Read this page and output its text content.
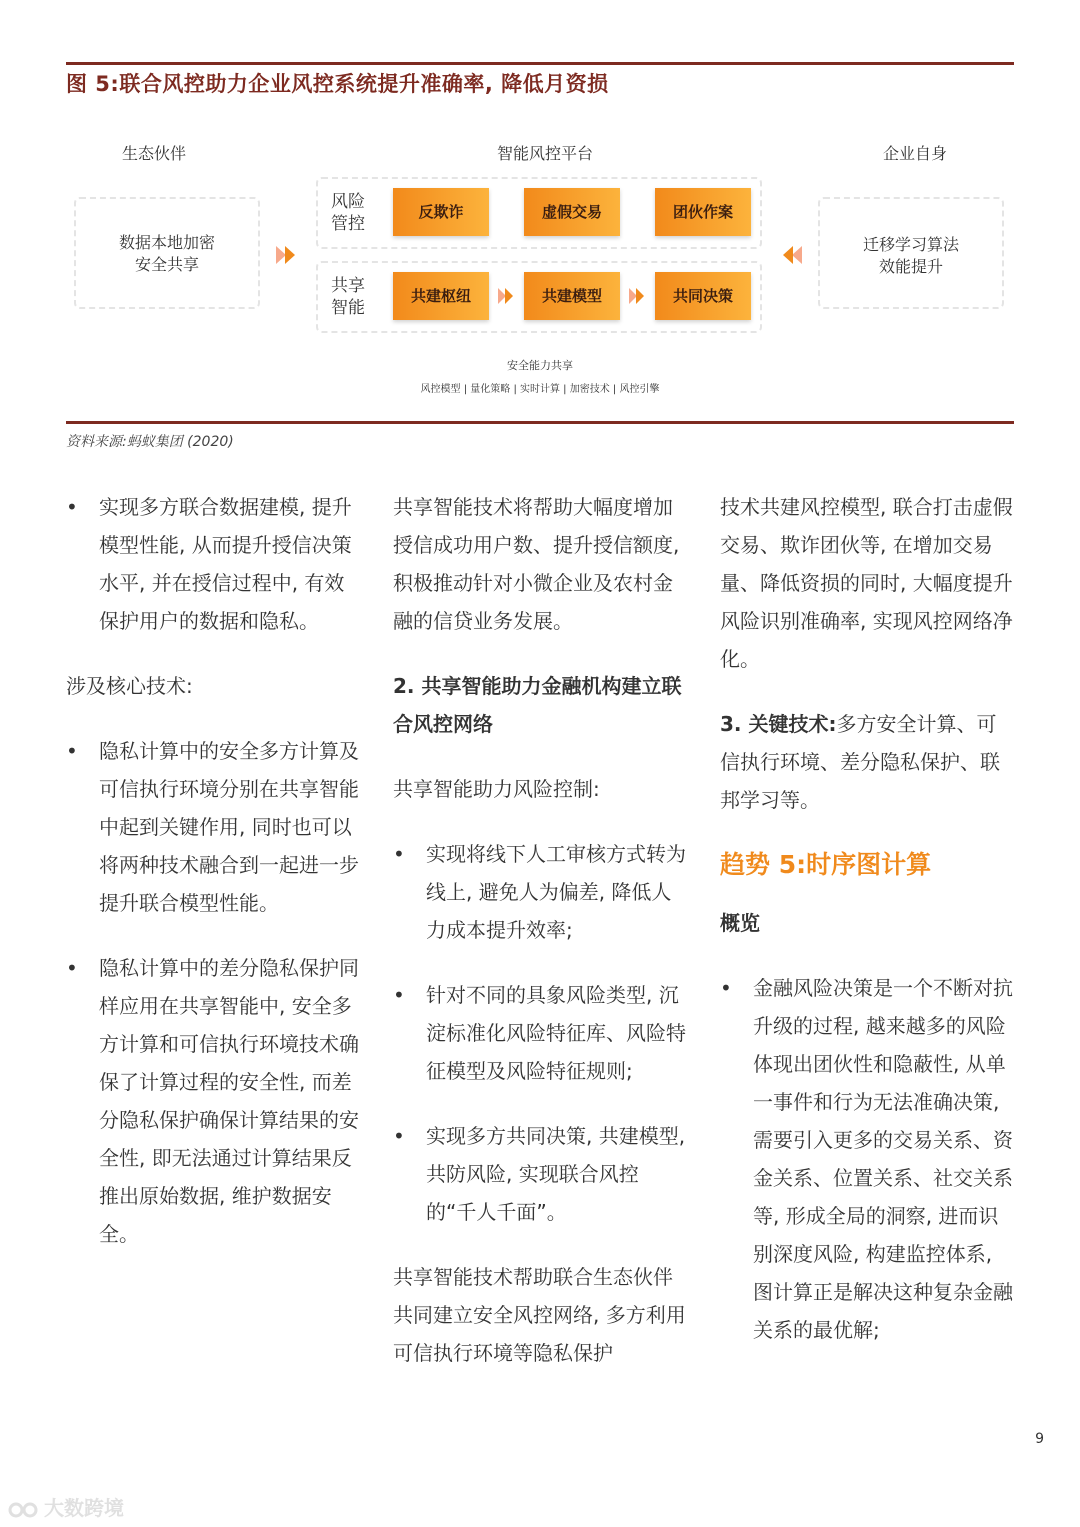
图 5:联合风控助力企业风控系统提升准确率, 降低月资损
生态伙伴	智能风控平台	企业自身
数据本地加密
安全共享
迁移学习算法
效能提升
风险
管控
共享
智能
反欺诈	虚假交易	团伙作案
共建枢纽	共建模型	共同决策
安全能力共享
风控模型 | 量化策略 | 实时计算 | 加密技术 | 风控引擎
资料来源:蚂蚁集团 (2020)
• 实现多方联合数据建模, 提升模型性能, 从而提升授信决策水平, 并在授信过程中, 有效保护用户的数据和隐私。

涉及核心技术:

• 隐私计算中的安全多方计算及可信执行环境分别在共享智能中起到关键作用, 同时也可以将两种技术融合到一起进一步提升联合模型性能。
• 隐私计算中的差分隐私保护同样应用在共享智能中, 安全多方计算和可信执行环境技术确保了计算过程的安全性, 而差分隐私保护确保计算结果的安全性, 即无法通过计算结果反推出原始数据, 维护数据安全。

共享智能技术将帮助大幅度增加授信成功用户数、提升授信额度, 积极推动针对小微企业及农村金融的信贷业务发展。

2. 共享智能助力金融机构建立联合风控网络

共享智能助力风险控制:

• 实现将线下人工审核方式转为线上, 避免人为偏差, 降低人力成本提升效率;
• 针对不同的具象风险类型, 沉淀标准化风险特征库、风险特征模型及风险特征规则;
• 实现多方共同决策, 共建模型, 共防风险, 实现联合风控的“千人千面”。

共享智能技术帮助联合生态伙伴共同建立安全风控网络, 多方利用可信执行环境等隐私保护

技术共建风控模型, 联合打击虚假交易、欺诈团伙等, 在增加交易量、降低资损的同时, 大幅度提升风险识别准确率, 实现风控网络净化。

3. 关键技术:多方安全计算、可信执行环境、差分隐私保护、联邦学习等。

趋势 5:时序图计算

概览

• 金融风险决策是一个不断对抗升级的过程, 越来越多的风险体现出团伙性和隐蔽性, 从单一事件和行为无法准确决策, 需要引入更多的交易关系、资金关系、位置关系、社交关系等, 形成全局的洞察, 进而识别深度风险, 构建监控体系, 图计算正是解决这种复杂金融关系的最优解;
9
大数跨境
